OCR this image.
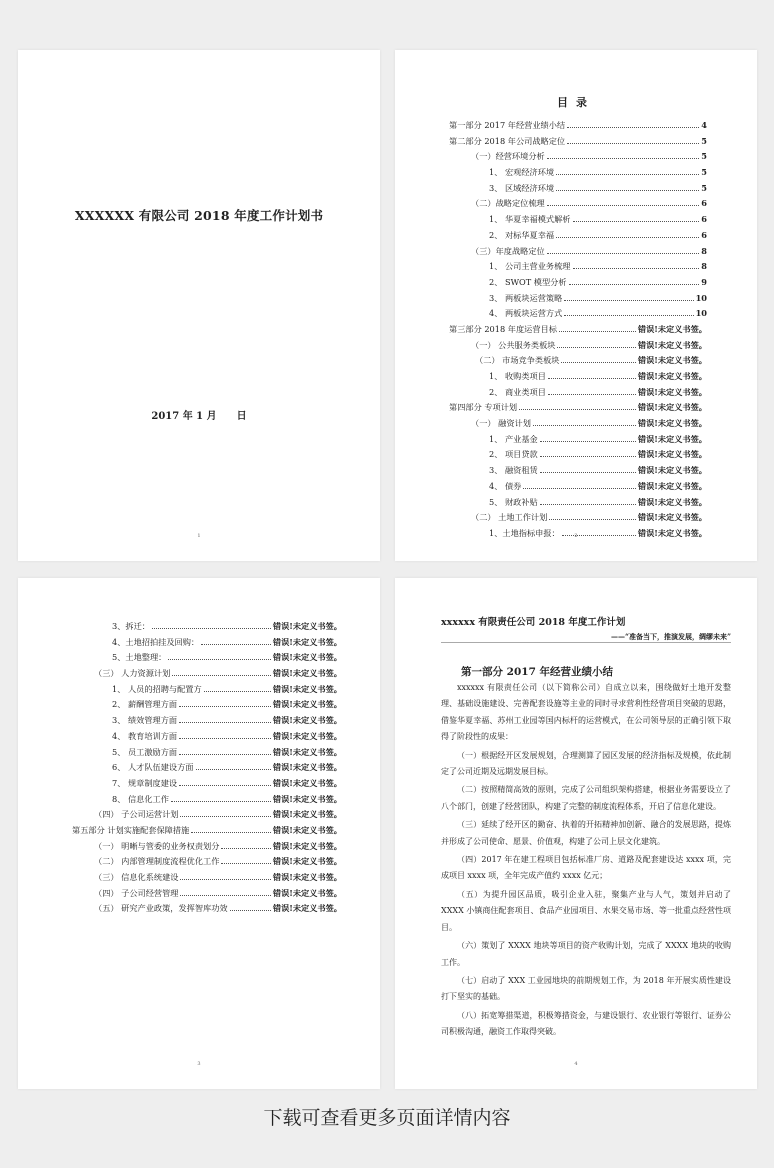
XXXXXX 有限公司 2018 年度工作计划书
2017 年 1 月　　日
1
目录
第一部分 2017 年经营业绩小结	4
第二部分 2018 年公司战略定位	5
（一）经营环境分析	5
1、 宏观经济环境	5
3、 区域经济环境	5
（二）战略定位梳理	6
1、 华夏幸福模式解析	6
2、 对标华夏幸福	6
（三）年度战略定位	8
1、 公司主营业务梳理	8
2、 SWOT 模型分析	9
3、 两板块运营策略	10
4、 两板块运营方式	10
第三部分 2018 年度运营目标	错误!未定义书签。
（一） 公共服务类板块	错误!未定义书签。
（二） 市场竞争类板块	错误!未定义书签。
1、 收购类项目	错误!未定义书签。
2、 商业类项目	错误!未定义书签。
第四部分 专项计划	错误!未定义书签。
（一） 融资计划	错误!未定义书签。
1、 产业基金	错误!未定义书签。
2、 项目贷款	错误!未定义书签。
3、 融资租赁	错误!未定义书签。
4、 债券	错误!未定义书签。
5、 财政补贴	错误!未定义书签。
（二） 土地工作计划	错误!未定义书签。
1、土地指标申报：	错误!未定义书签。
2
3、拆迁：	错误!未定义书签。
4、土地招拍挂及回购：	错误!未定义书签。
5、土地整理：	错误!未定义书签。
（三） 人力资源计划	错误!未定义书签。
1、 人员的招聘与配置方	错误!未定义书签。
2、 薪酬管理方面	错误!未定义书签。
3、 绩效管理方面	错误!未定义书签。
4、 教育培训方面	错误!未定义书签。
5、 员工激励方面	错误!未定义书签。
6、 人才队伍建设方面	错误!未定义书签。
7、 规章制度建设	错误!未定义书签。
8、 信息化工作	错误!未定义书签。
（四） 子公司运营计划	错误!未定义书签。
第五部分 计划实施配套保障措施	错误!未定义书签。
（一） 明晰与管委的业务权责划分	错误!未定义书签。
（二） 内部管理制度流程优化工作	错误!未定义书签。
（三） 信息化系统建设	错误!未定义书签。
（四） 子公司经营管理	错误!未定义书签。
（五） 研究产业政策，发挥智库功效	错误!未定义书签。
3
xxxxxx 有限责任公司 2018 年度工作计划
——“准备当下，推演发展，绸缪未来”
第一部分 2017 年经营业绩小结

xxxxxx 有限责任公司（以下简称公司）自成立以来，围绕做好土地开发整理、基础设施建设、完善配套设施等主业的同时寻求营利性经营项目突破的思路，借鉴华夏幸福、苏州工业园等国内标杆的运营模式，在公司领导层的正确引领下取得了阶段性的成果：

（一）根据经开区发展规划，合理测算了园区发展的经济指标及规模，依此制定了公司近期及远期发展目标。

（二）按照精简高效的原则，完成了公司组织架构搭建，根据业务需要设立了八个部门，创建了经营团队，构建了完整的制度流程体系，开启了信息化建设。

（三）延续了经开区的勤奋、执着的开拓精神加创新、融合的发展思路，提炼并形成了公司使命、愿景、价值观，构建了公司上层文化建筑。

（四）2017 年在建工程项目包括标准厂房、道路及配套建设达 xxxx 项，完成项目 xxxx 项，全年完成产值约 xxxx 亿元；

（五）为提升园区品质，吸引企业入驻，聚集产业与人气，策划并启动了 XXXX 小镇商住配套项目、食品产业园项目、水果交易市场、等一批重点经营性项目。

（六）策划了 XXXX 地块等项目的资产收购计划，完成了 XXXX 地块的收购工作。

（七）启动了 XXX 工业园地块的前期规划工作，为 2018 年开展实质性建设打下坚实的基础。

（八）拓宽筹措渠道，积极筹措资金，与建设银行、农业银行等银行、证券公司积极沟通，融资工作取得突破。

4
下载可查看更多页面详情内容
